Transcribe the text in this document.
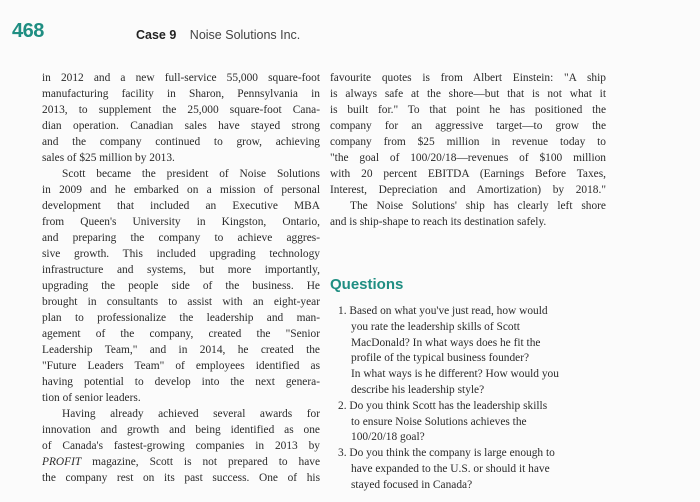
468	Case 9 Noise Solutions Inc.
in 2012 and a new full-service 55,000 square-foot
manufacturing facility in Sharon, Pennsylvania in
2013, to supplement the 25,000 square-foot Cana-
dian operation. Canadian sales have stayed strong
and the company continued to grow, achieving
sales of $25 million by 2013.
Scott became the president of Noise Solutions
in 2009 and he embarked on a mission of personal
development that included an Executive MBA
from Queen's University in Kingston, Ontario,
and preparing the company to achieve aggres-
sive growth. This included upgrading technology
infrastructure and systems, but more importantly,
upgrading the people side of the business. He
brought in consultants to assist with an eight-year
plan to professionalize the leadership and man-
agement of the company, created the "Senior
Leadership Team," and in 2014, he created the
"Future Leaders Team" of employees identified as
having potential to develop into the next genera-
tion of senior leaders.
Having already achieved several awards for
innovation and growth and being identified as one
of Canada's fastest-growing companies in 2013 by
PROFIT magazine, Scott is not prepared to have
the company rest on its past success. One of his
favourite quotes is from Albert Einstein: "A ship
is always safe at the shore—but that is not what it
is built for." To that point he has positioned the
company for an aggressive target—to grow the
company from $25 million in revenue today to
"the goal of 100/20/18—revenues of $100 million
with 20 percent EBITDA (Earnings Before Taxes,
Interest, Depreciation and Amortization) by 2018."
The Noise Solutions' ship has clearly left shore
and is ship-shape to reach its destination safely.
Questions
1. Based on what you've just read, how would
you rate the leadership skills of Scott
MacDonald? In what ways does he fit the
profile of the typical business founder?
In what ways is he different? How would you
describe his leadership style?
2. Do you think Scott has the leadership skills
to ensure Noise Solutions achieves the
100/20/18 goal?
3. Do you think the company is large enough to
have expanded to the U.S. or should it have
stayed focused in Canada?
